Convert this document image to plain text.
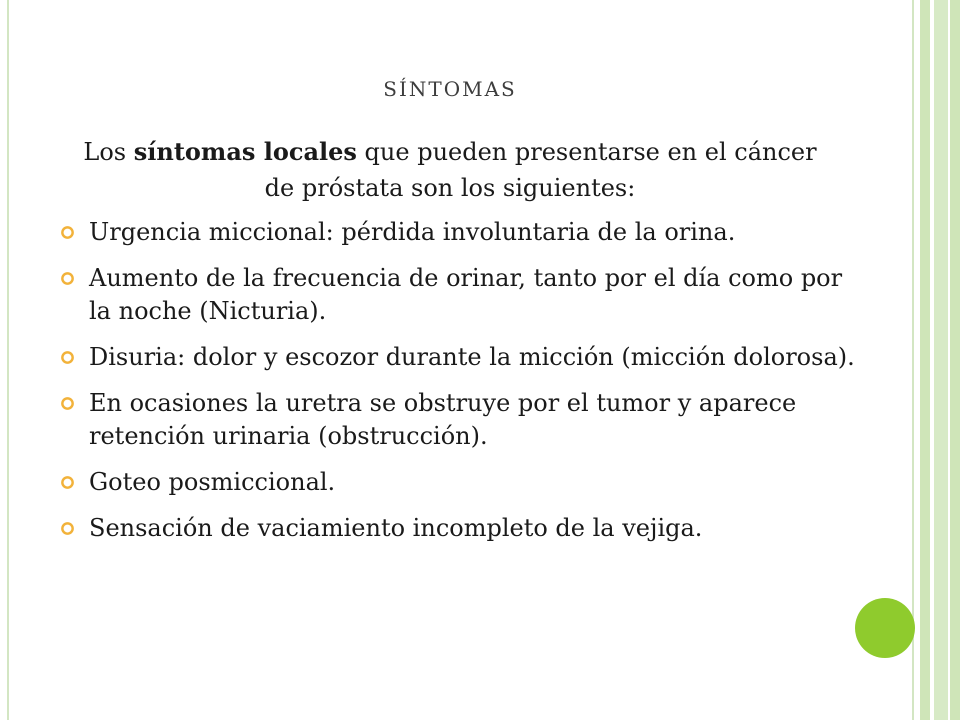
síntomas
Los síntomas locales que pueden presentarse en el cáncer de próstata son los siguientes:
Urgencia miccional: pérdida involuntaria de la orina.
Aumento de la frecuencia de orinar, tanto por el día como por la noche (Nicturia).
Disuria: dolor y escozor durante la micción (micción dolorosa).
En ocasiones la uretra se obstruye por el tumor y aparece retención urinaria (obstrucción).
Goteo posmiccional.
Sensación de vaciamiento incompleto de la vejiga.
